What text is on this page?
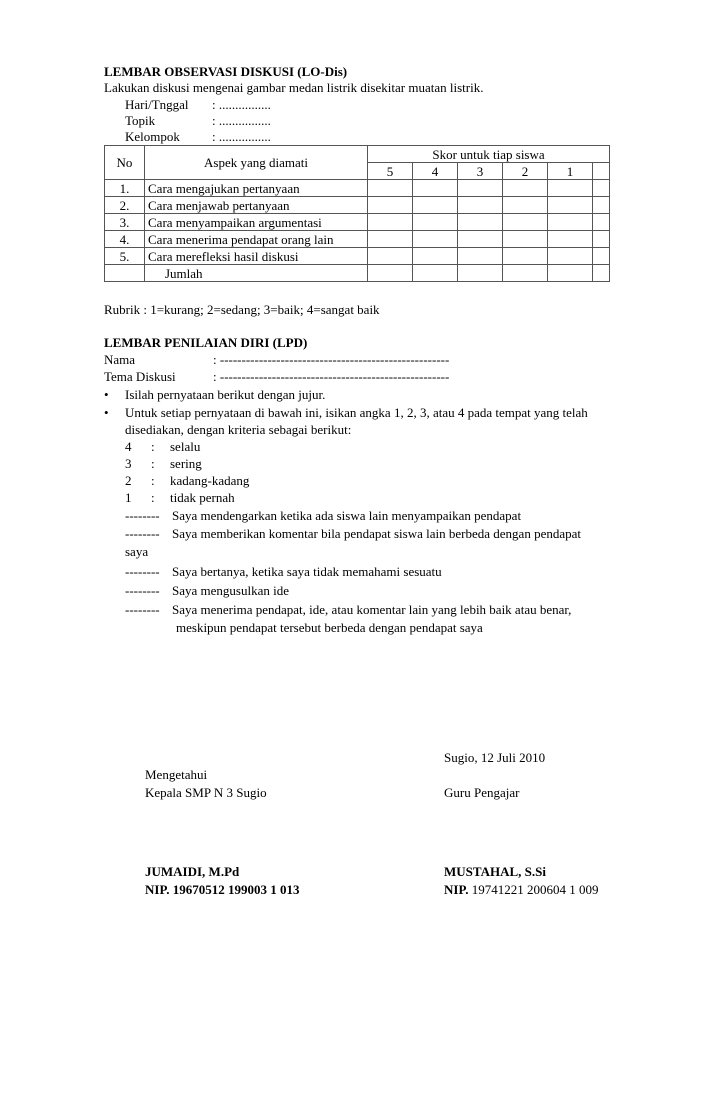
LEMBAR OBSERVASI DISKUSI (LO-Dis)
Lakukan diskusi mengenai gambar medan listrik disekitar muatan listrik.
Hari/Tnggal : ................
Topik	: ................
Kelompok : ................
No	Aspek yang diamati	Skor untuk tiap siswa					
		5	4	3	2	1	
1.	Cara mengajukan pertanyaan						
2.	Cara menjawab pertanyaan						
3.	Cara menyampaikan argumentasi						
4.	Cara menerima pendapat orang lain						
5.	Cara merefleksi hasil diskusi						
	Jumlah						
Rubrik : 1=kurang; 2=sedang; 3=baik; 4=sangat baik
LEMBAR PENILAIAN DIRI (LPD)
Nama	: -----------------------------------------------------
Tema Diskusi	: -----------------------------------------------------
• Isilah pernyataan berikut dengan jujur.
• Untuk setiap pernyataan di bawah ini, isikan angka 1, 2, 3, atau 4 pada tempat yang telah
disediakan, dengan kriteria sebagai berikut:
4 : selalu
3 : sering
2 : kadang-kadang
1 : tidak pernah
-------- Saya mendengarkan ketika ada siswa lain menyampaikan pendapat
-------- Saya memberikan komentar bila pendapat siswa lain berbeda dengan pendapat
saya
-------- Saya bertanya, ketika saya tidak memahami sesuatu
-------- Saya mengusulkan ide
-------- Saya menerima pendapat, ide, atau komentar lain yang lebih baik atau benar,
meskipun pendapat tersebut berbeda dengan pendapat saya
Sugio, 12 Juli 2010
Mengetahui
Kepala SMP N 3 Sugio	Guru Pengajar
JUMAIDI, M.Pd	MUSTAHAL, S.Si
NIP. 19670512 199003 1 013	NIP. 19741221 200604 1 009
